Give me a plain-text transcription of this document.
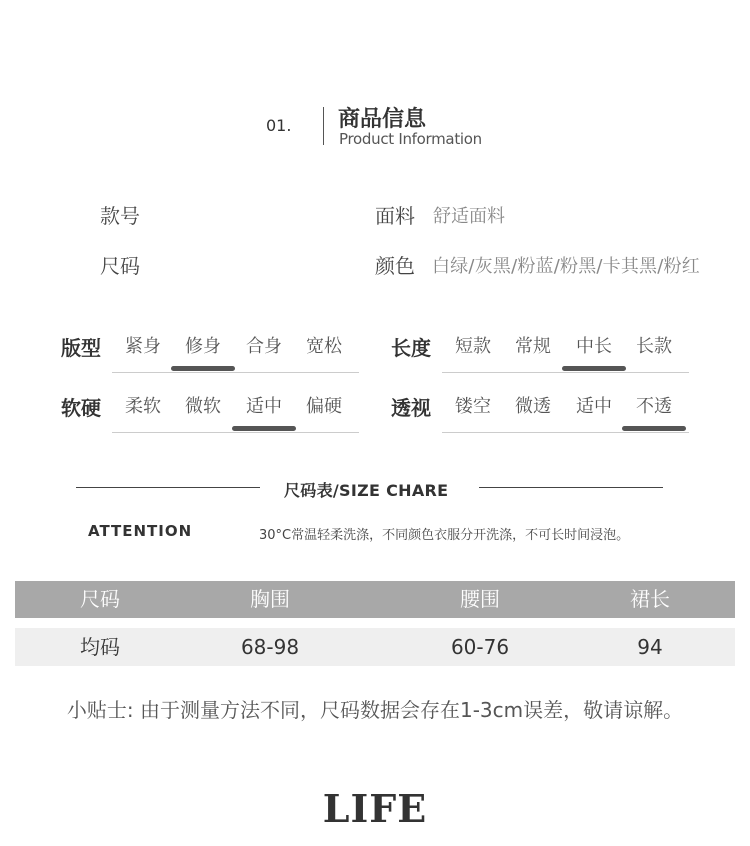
01. 商品信息
Product Information
款号
尺码
面料 舒适面料
颜色 白绿/灰黑/粉蓝/粉黑/卡其黑/粉红
版型	紧身	修身	合身	宽松	长度	短款	常规	中长	长款
软硬	柔软	微软	适中	偏硬	透视	镂空	微透	适中	不透
尺码表/SIZE CHARE
ATTENTION	30°C常温轻柔洗涤，不同颜色衣服分开洗涤，不可长时间浸泡。
尺码	胸围	腰围	裙长
均码	68-98	60-76	94
小贴士: 由于测量方法不同，尺码数据会存在1-3cm误差，敬请谅解。
LIFE
